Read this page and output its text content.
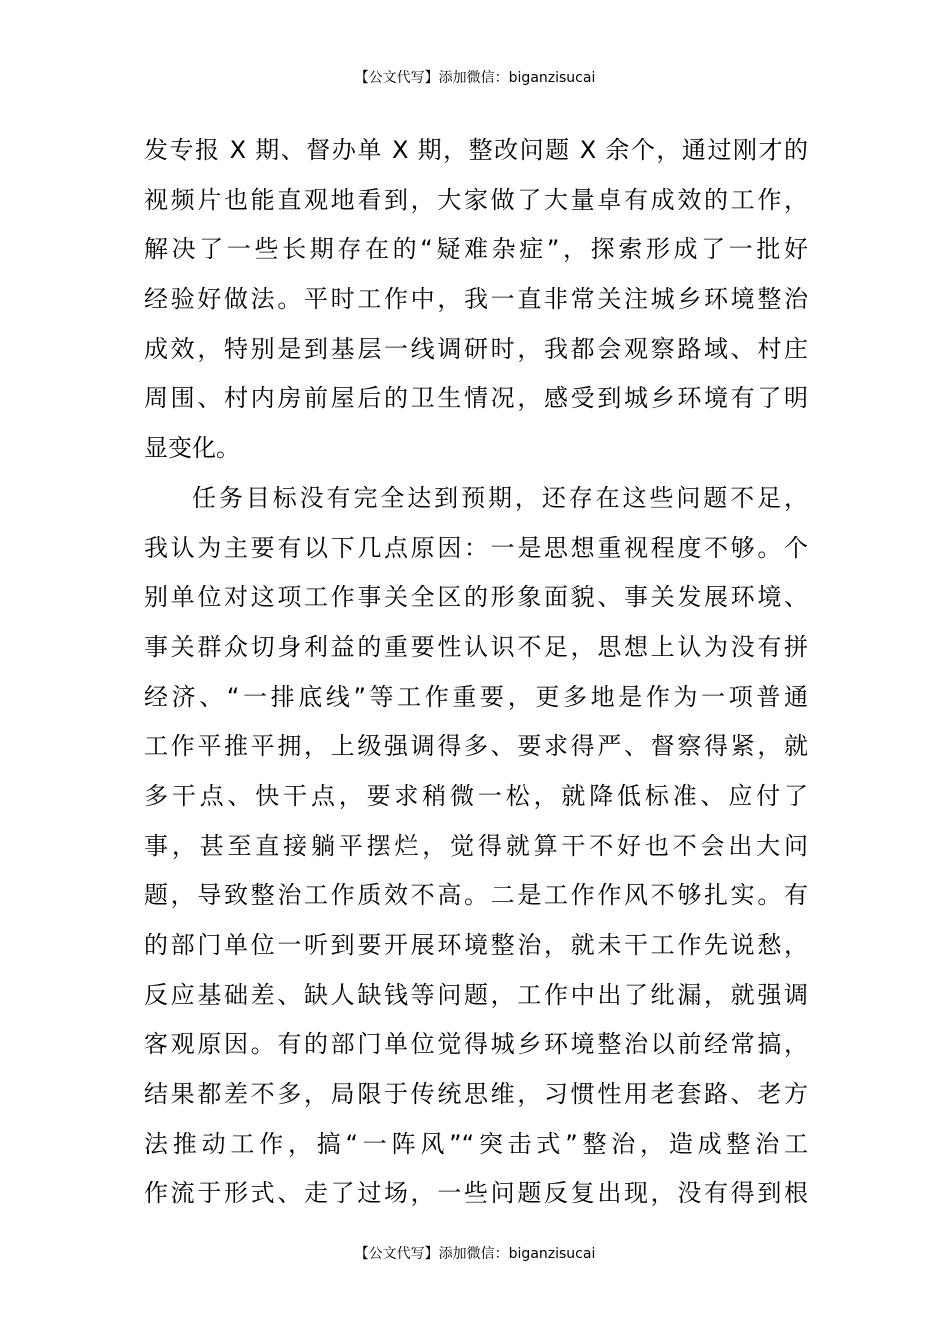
【公文代写】添加微信：biganzisucai
发专报 X 期、督办单 X 期，整改问题 X 余个，通过刚才的
视频片也能直观地看到，大家做了大量卓有成效的工作，
解决了一些长期存在的“疑难杂症”，探索形成了一批好
经验好做法。平时工作中，我一直非常关注城乡环境整治
成效，特别是到基层一线调研时，我都会观察路域、村庄
周围、村内房前屋后的卫生情况，感受到城乡环境有了明
显变化。
任务目标没有完全达到预期，还存在这些问题不足，
我认为主要有以下几点原因：一是思想重视程度不够。个
别单位对这项工作事关全区的形象面貌、事关发展环境、
事关群众切身利益的重要性认识不足，思想上认为没有拼
经济、“一排底线”等工作重要，更多地是作为一项普通
工作平推平拥，上级强调得多、要求得严、督察得紧，就
多干点、快干点，要求稍微一松，就降低标准、应付了
事，甚至直接躺平摆烂，觉得就算干不好也不会出大问
题，导致整治工作质效不高。二是工作作风不够扎实。有
的部门单位一听到要开展环境整治，就未干工作先说愁，
反应基础差、缺人缺钱等问题，工作中出了纰漏，就强调
客观原因。有的部门单位觉得城乡环境整治以前经常搞，
结果都差不多，局限于传统思维，习惯性用老套路、老方
法推动工作，搞“一阵风”“突击式”整治，造成整治工
作流于形式、走了过场，一些问题反复出现，没有得到根
【公文代写】添加微信：biganzisucai
